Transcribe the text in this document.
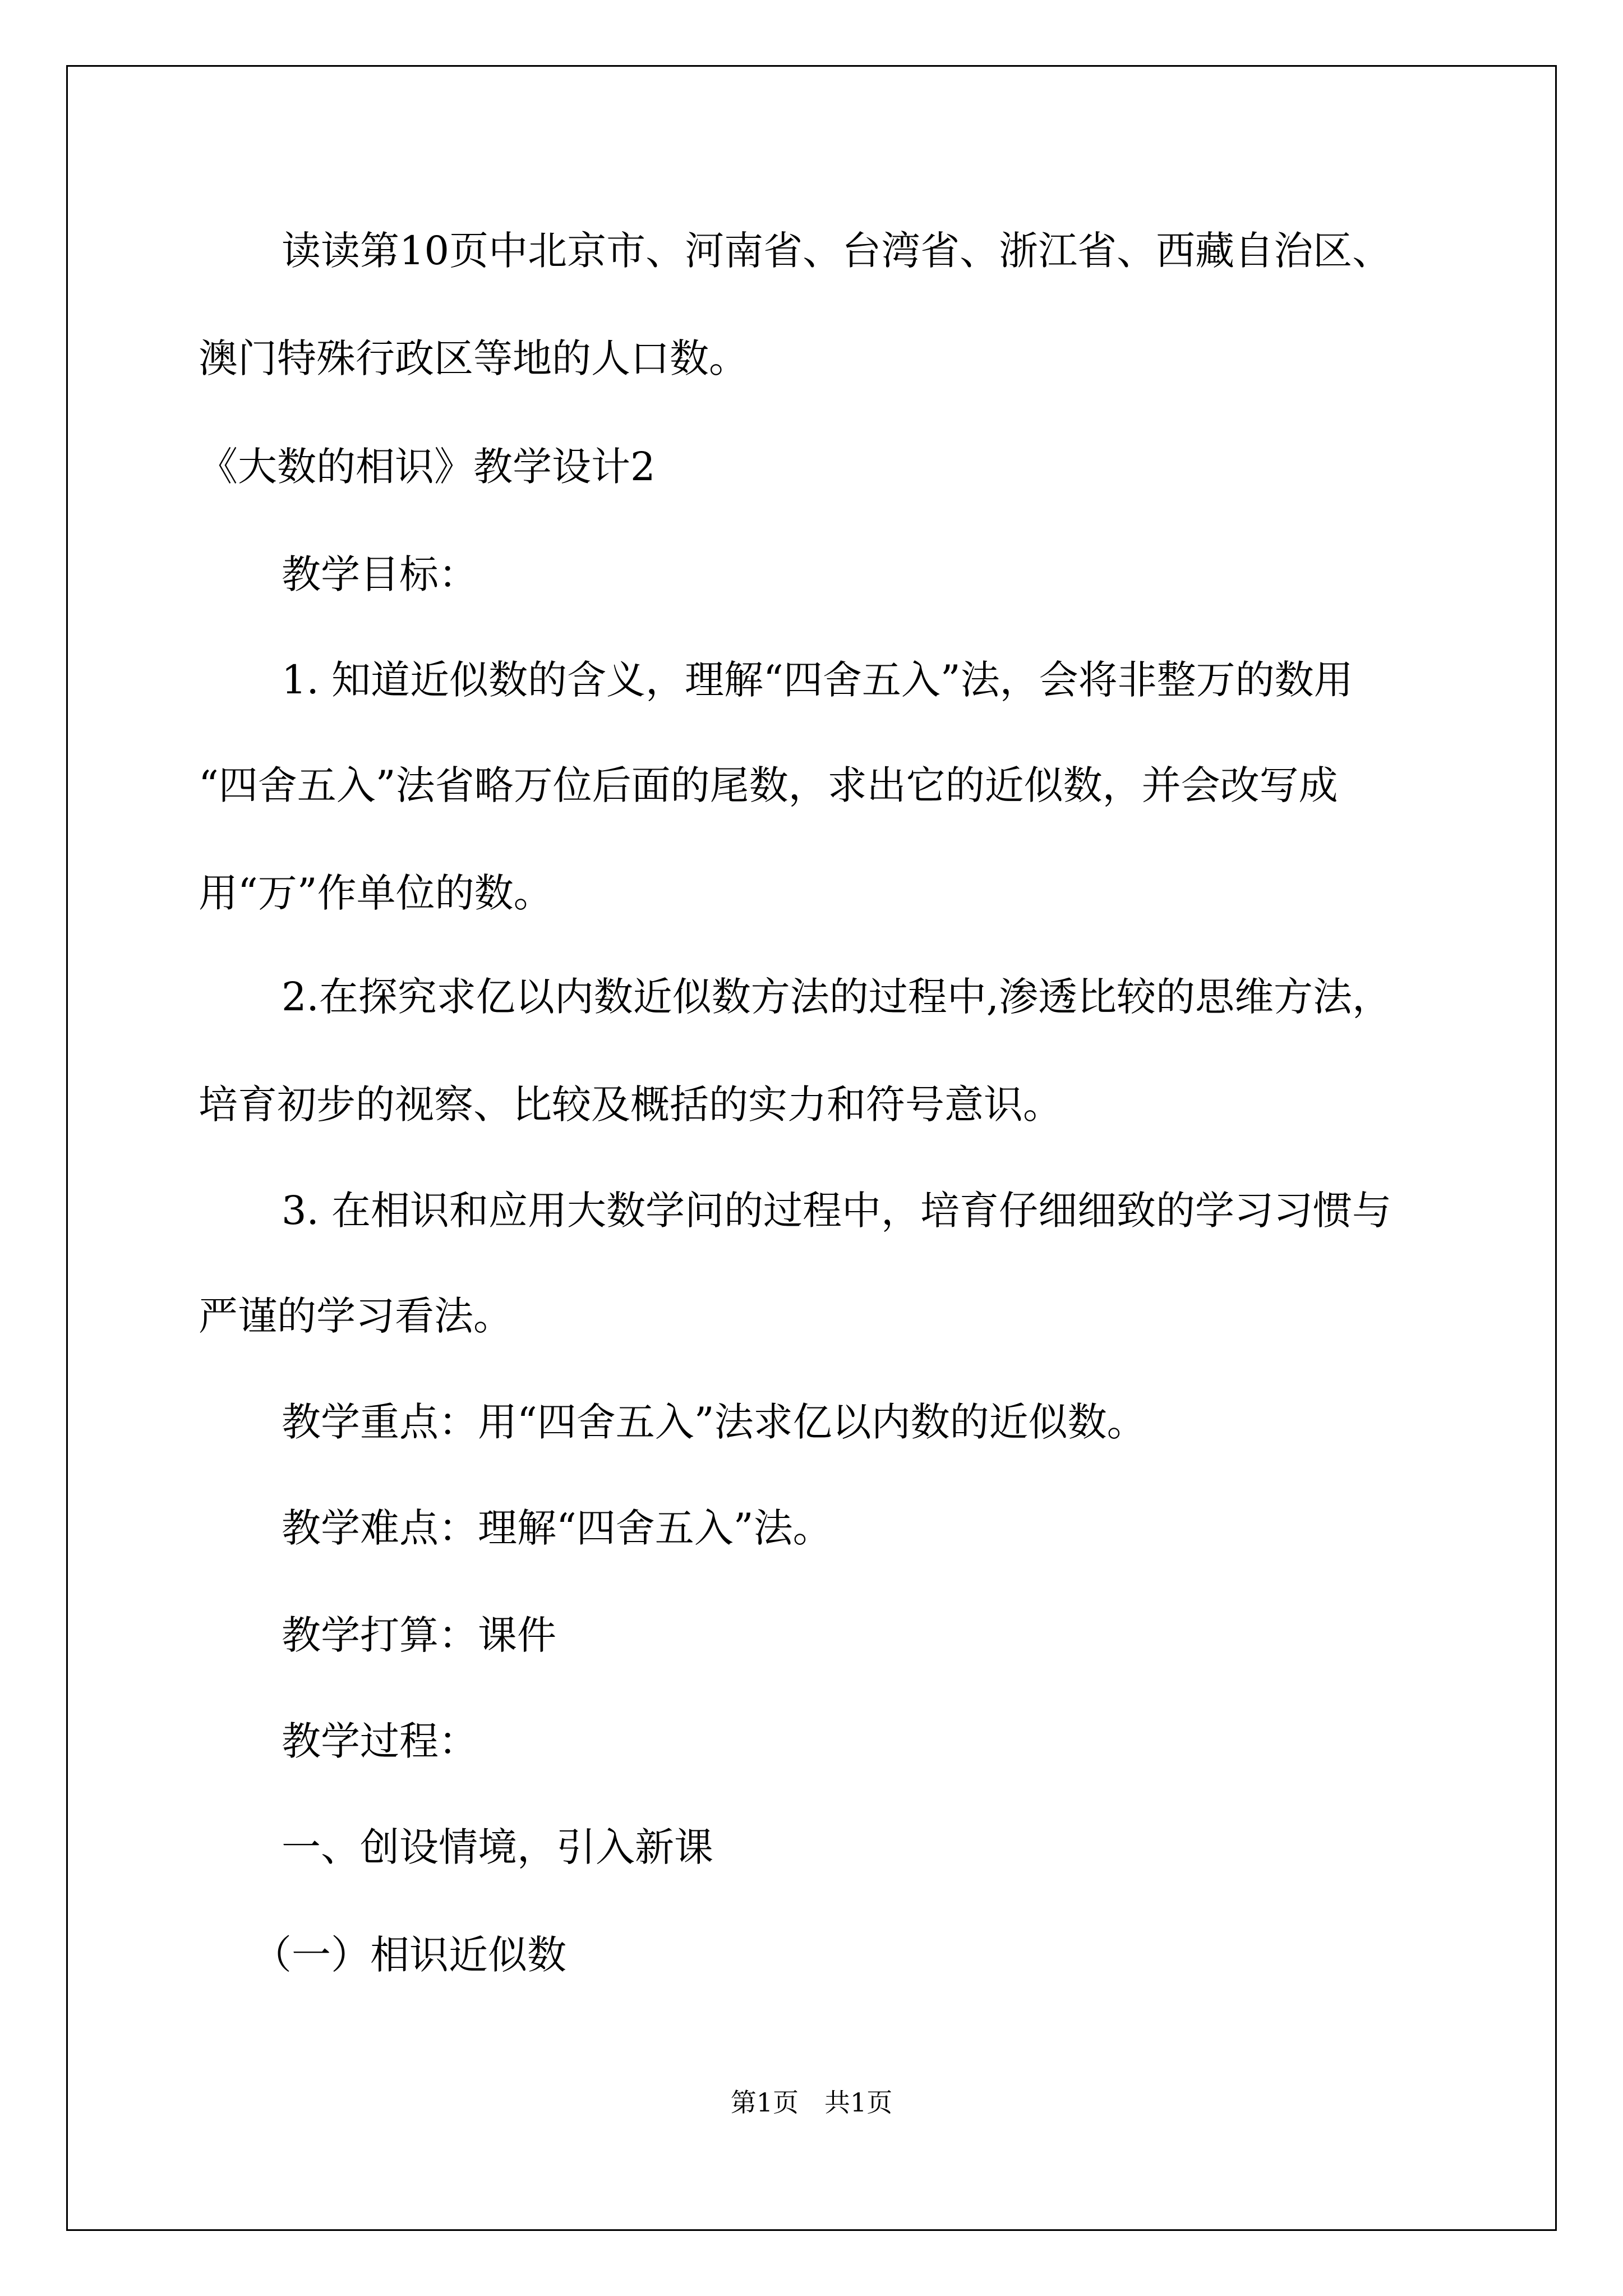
读读第10页中北京市、河南省、台湾省、浙江省、西藏自治区、

澳门特殊行政区等地的人口数。

《大数的相识》教学设计2

教学目标：

1. 知道近似数的含义，理解“四舍五入”法，会将非整万的数用

“四舍五入”法省略万位后面的尾数，求出它的近似数，并会改写成

用“万”作单位的数。

2.在探究求亿以内数近似数方法的过程中,渗透比较的思维方法，

培育初步的视察、比较及概括的实力和符号意识。

3. 在相识和应用大数学问的过程中，培育仔细细致的学习习惯与

严谨的学习看法。

教学重点：用“四舍五入”法求亿以内数的近似数。

教学难点：理解“四舍五入”法。

教学打算：课件

教学过程：

一、创设情境，引入新课

（一）相识近似数

第1页　共1页
